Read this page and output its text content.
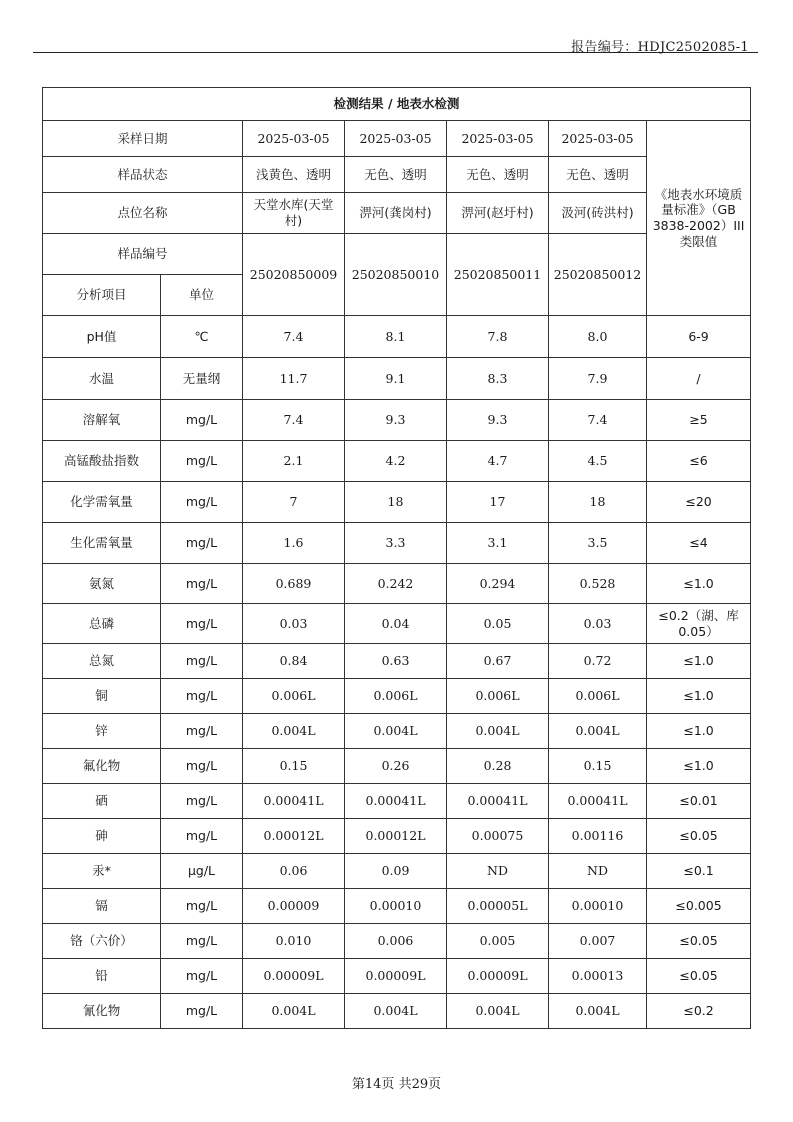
报告编号：HDJC2502085-1
检测结果 / 地表水检测						
采样日期		2025-03-05	2025-03-05	2025-03-05	2025-03-05	《地表水环境质量标准》（GB 3838-2002）III类限值
样品状态		浅黄色、透明	无色、透明	无色、透明	无色、透明	
点位名称		天堂水库(天堂村)	淠河(龚岗村)	淠河(赵圩村)	汲河(砖洪村)	
样品编号		25020850009	25020850010	25020850011	25020850012	
分析项目	单位					
pH值	℃	7.4	8.1	7.8	8.0	6-9
水温	无量纲	11.7	9.1	8.3	7.9	/
溶解氧	mg/L	7.4	9.3	9.3	7.4	≥5
高锰酸盐指数	mg/L	2.1	4.2	4.7	4.5	≤6
化学需氧量	mg/L	7	18	17	18	≤20
生化需氧量	mg/L	1.6	3.3	3.1	3.5	≤4
氨氮	mg/L	0.689	0.242	0.294	0.528	≤1.0
总磷	mg/L	0.03	0.04	0.05	0.03	≤0.2（湖、库0.05）
总氮	mg/L	0.84	0.63	0.67	0.72	≤1.0
铜	mg/L	0.006L	0.006L	0.006L	0.006L	≤1.0
锌	mg/L	0.004L	0.004L	0.004L	0.004L	≤1.0
氟化物	mg/L	0.15	0.26	0.28	0.15	≤1.0
硒	mg/L	0.00041L	0.00041L	0.00041L	0.00041L	≤0.01
砷	mg/L	0.00012L	0.00012L	0.00075	0.00116	≤0.05
汞*	μg/L	0.06	0.09	ND	ND	≤0.1
镉	mg/L	0.00009	0.00010	0.00005L	0.00010	≤0.005
铬（六价）	mg/L	0.010	0.006	0.005	0.007	≤0.05
铅	mg/L	0.00009L	0.00009L	0.00009L	0.00013	≤0.05
氰化物	mg/L	0.004L	0.004L	0.004L	0.004L	≤0.2
第14页 共29页
